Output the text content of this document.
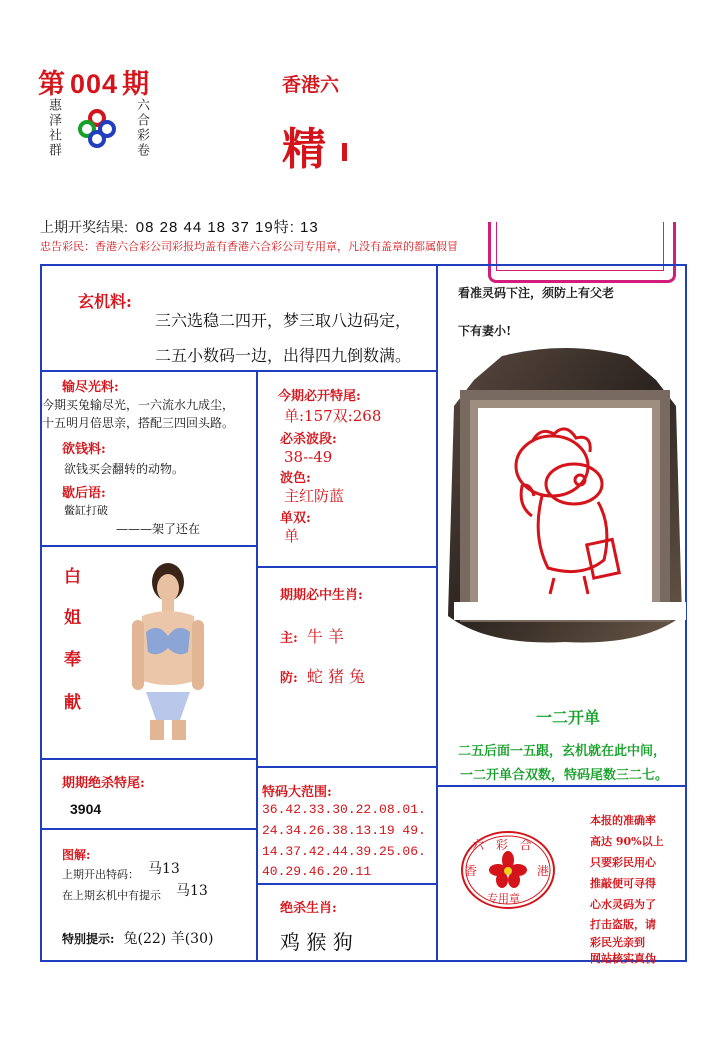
第 004 期
惠泽社群	六合彩卷
香港六
精
上期开奖结果: 08 28 44 18 37 19特: 13
忠告彩民：香港六合彩公司彩报均盖有香港六合彩公司专用章，凡没有盖章的都属假冒
玄机料:
三六选稳二四开，梦三取八边码定，
二五小数码一边，出得四九倒数满。
输尽光料:
今期买兔输尽光，一六流水九成尘，
十五明月倍思亲，搭配三四回头路。
欲钱料:
欲钱买会翻转的动物。
歇后语:
鳖缸打破
———架了还在
今期必开特尾:
单:157双:268
必杀波段:
38--49
波色:
主红防蓝
单双:
单
白
姐
奉
献
期期必中生肖:
主: 牛 羊
防: 蛇 猪 兔
看准灵码下注，须防上有父老
下有妻小!
一二开单
二五后面一五跟，玄机就在此中间，
一二开单合双数，特码尾数三二七。
六 彩 合
香	港
专用章
本报的准确率
高达 90%以上
只要彩民用心
推敲便可寻得
心水灵码为了
打击盗版，请
彩民光亲到
网站核实真伪
期期绝杀特尾:
3904
特码大范围:
36.42.33.30.22.08.01.
24.34.26.38.13.19 49.
14.37.42.44.39.25.06.
40.29.46.20.11
图解:
上期开出特码： 马13
在上期玄机中有提示 马13
特别提示: 兔(22) 羊(30)
绝杀生肖:
鸡 猴 狗
